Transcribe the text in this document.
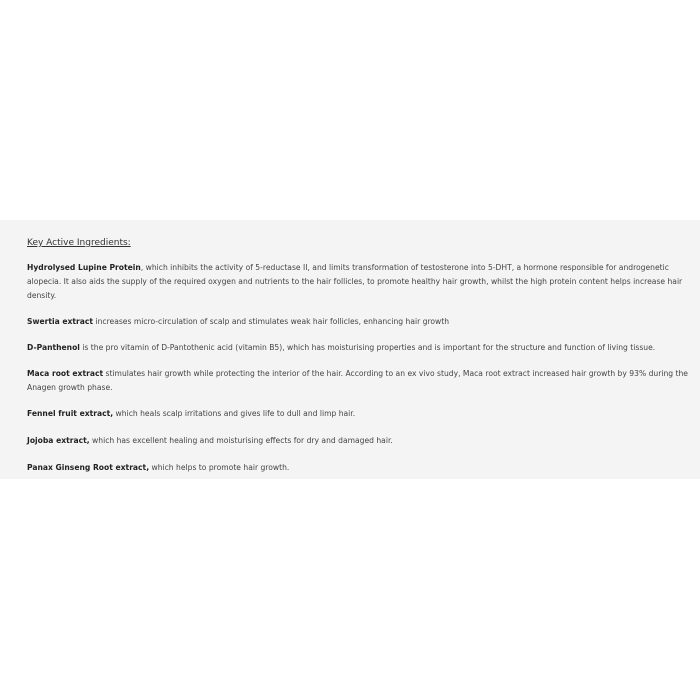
Key Active Ingredients:

Hydrolysed Lupine Protein, which inhibits the activity of 5-reductase II, and limits transformation of testosterone into 5-DHT, a hormone responsible for androgenetic alopecia. It also aids the supply of the required oxygen and nutrients to the hair follicles, to promote healthy hair growth, whilst the high protein content helps increase hair density.

Swertia extract increases micro-circulation of scalp and stimulates weak hair follicles, enhancing hair growth

D-Panthenol is the pro vitamin of D-Pantothenic acid (vitamin B5), which has moisturising properties and is important for the structure and function of living tissue.

Maca root extract stimulates hair growth while protecting the interior of the hair. According to an ex vivo study, Maca root extract increased hair growth by 93% during the Anagen growth phase.

Fennel fruit extract, which heals scalp irritations and gives life to dull and limp hair.

Jojoba extract, which has excellent healing and moisturising effects for dry and damaged hair.

Panax Ginseng Root extract, which helps to promote hair growth.
